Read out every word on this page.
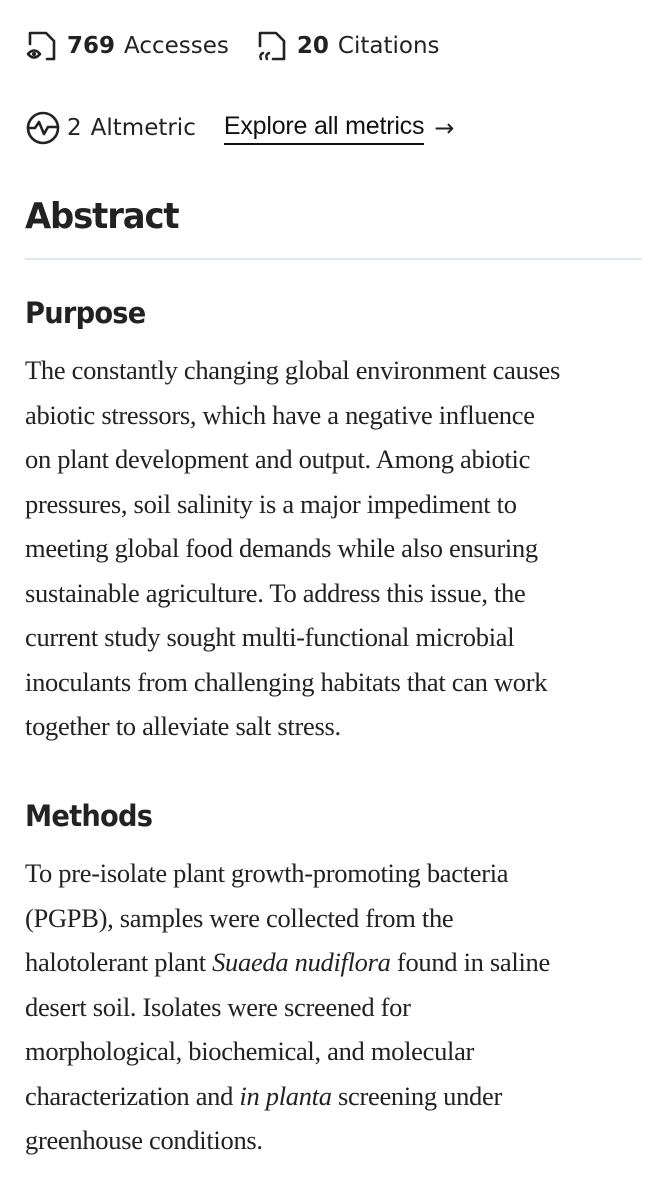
769 Accesses	20 Citations
2 Altmetric Explore all metrics →
Abstract
Purpose
The constantly changing global environment causes
abiotic stressors, which have a negative influence
on plant development and output. Among abiotic
pressures, soil salinity is a major impediment to
meeting global food demands while also ensuring
sustainable agriculture. To address this issue, the
current study sought multi-functional microbial
inoculants from challenging habitats that can work
together to alleviate salt stress.
Methods
To pre-isolate plant growth-promoting bacteria
(PGPB), samples were collected from the
halotolerant plant Suaeda nudiflora found in saline
desert soil. Isolates were screened for
morphological, biochemical, and molecular
characterization and in planta screening under
greenhouse conditions.
